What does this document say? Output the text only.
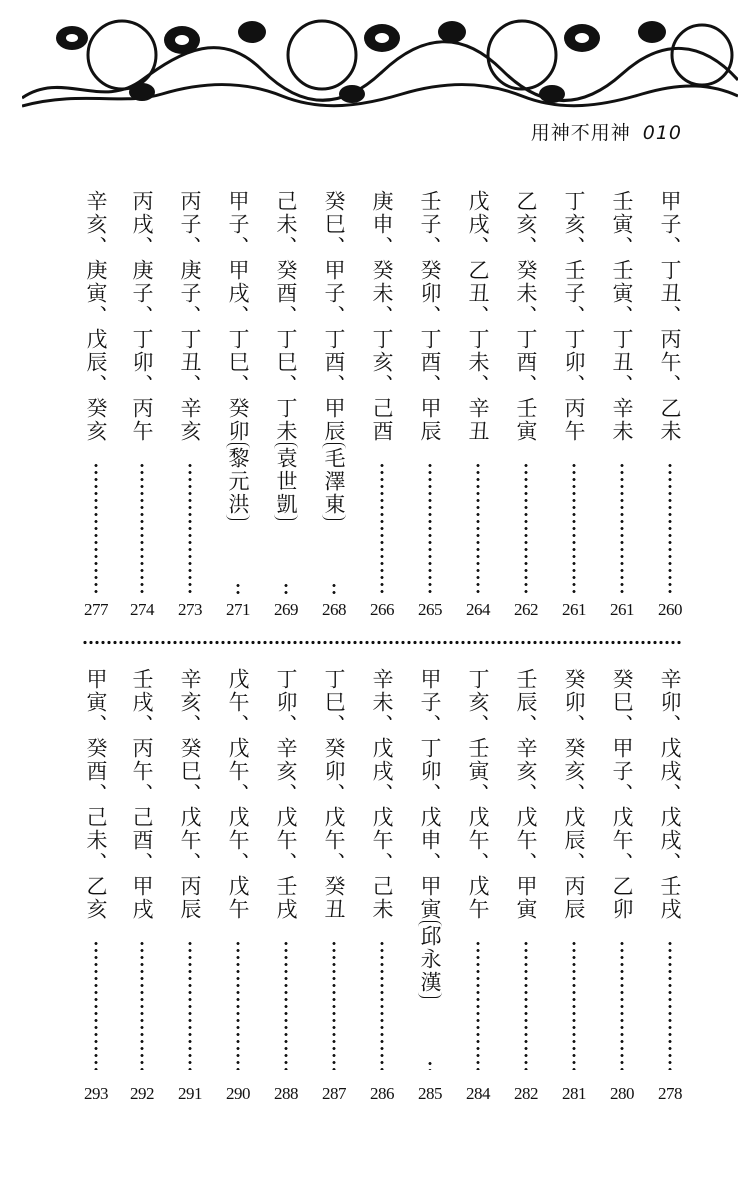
用神不用神 010
甲子、丁丑、丙午、乙未
260
壬寅、壬寅、丁丑、辛未
261
丁亥、壬子、丁卯、丙午
261
乙亥、癸未、丁酉、壬寅
262
戊戌、乙丑、丁未、辛丑
264
壬子、癸卯、丁酉、甲辰
265
庚申、癸未、丁亥、己酉
266
癸巳、甲子、丁酉、甲辰毛澤東
268
己未、癸酉、丁巳、丁未袁世凱
269
甲子、甲戌、丁巳、癸卯黎元洪
271
丙子、庚子、丁丑、辛亥
273
丙戌、庚子、丁卯、丙午
274
辛亥、庚寅、戊辰、癸亥
277
辛卯、戊戌、戊戌、壬戌
278
癸巳、甲子、戊午、乙卯
280
癸卯、癸亥、戊辰、丙辰
281
壬辰、辛亥、戊午、甲寅
282
丁亥、壬寅、戊午、戊午
284
甲子、丁卯、戊申、甲寅邱永漢
285
辛未、戊戌、戊午、己未
286
丁巳、癸卯、戊午、癸丑
287
丁卯、辛亥、戊午、壬戌
288
戊午、戊午、戊午、戊午
290
辛亥、癸巳、戊午、丙辰
291
壬戌、丙午、己酉、甲戌
292
甲寅、癸酉、己未、乙亥
293
